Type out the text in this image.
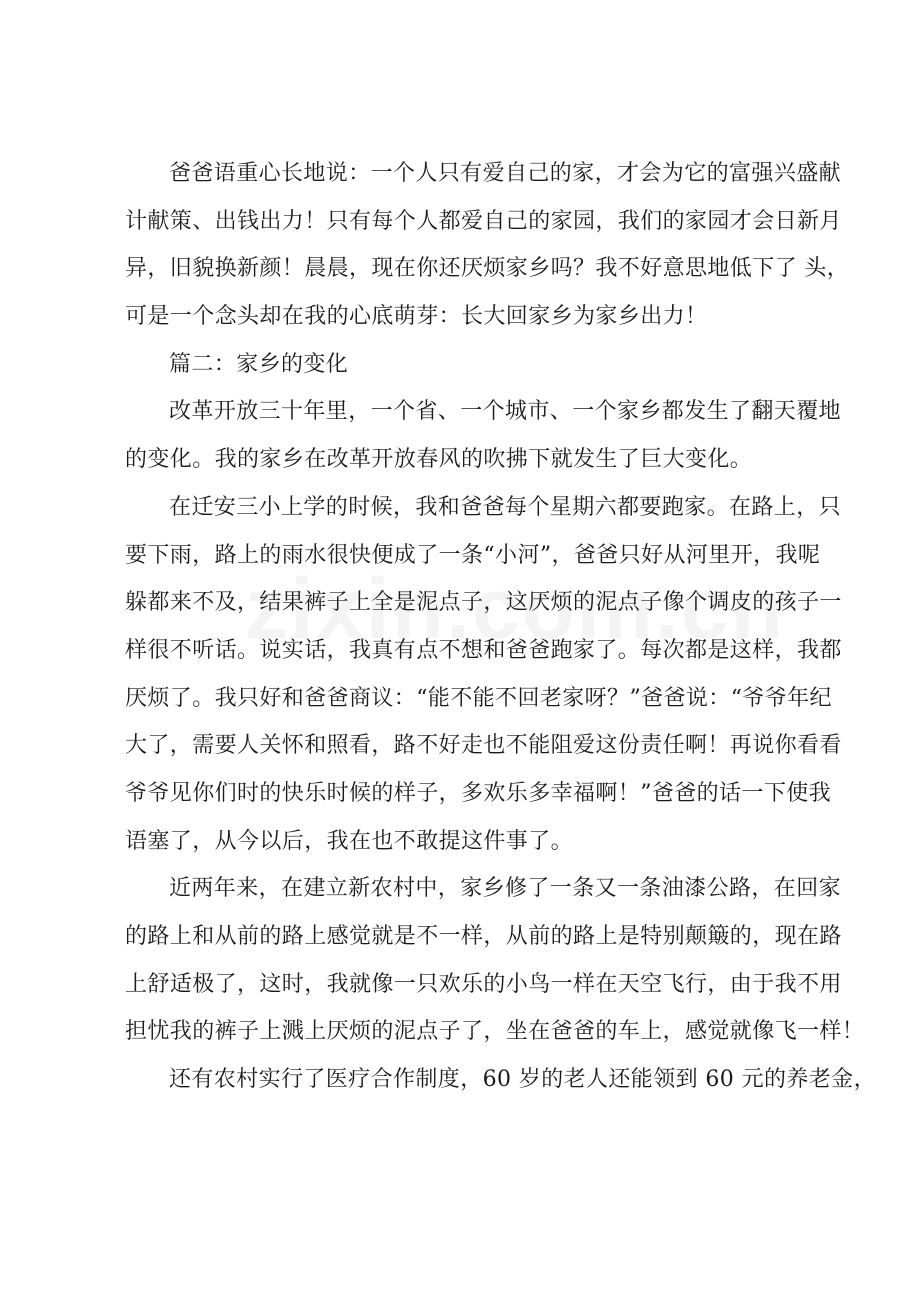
爸爸语重心长地说：一个人只有爱自己的家，才会为它的富强兴盛献
计献策、出钱出力！只有每个人都爱自己的家园，我们的家园才会日新月
异，旧貌换新颜！晨晨，现在你还厌烦家乡吗？我不好意思地低下了 头，
可是一个念头却在我的心底萌芽：长大回家乡为家乡出力！
篇二：家乡的变化
改革开放三十年里，一个省、一个城市、一个家乡都发生了翻天覆地
的变化。我的家乡在改革开放春风的吹拂下就发生了巨大变化。
在迁安三小上学的时候，我和爸爸每个星期六都要跑家。在路上，只
要下雨，路上的雨水很快便成了一条“小河”，爸爸只好从河里开，我呢
躲都来不及，结果裤子上全是泥点子，这厌烦的泥点子像个调皮的孩子一
样很不听话。说实话，我真有点不想和爸爸跑家了。每次都是这样，我都
厌烦了。我只好和爸爸商议：“能不能不回老家呀？”爸爸说：“爷爷年纪
大了，需要人关怀和照看，路不好走也不能阻爱这份责任啊！再说你看看
爷爷见你们时的快乐时候的样子，多欢乐多幸福啊！”爸爸的话一下使我
语塞了，从今以后，我在也不敢提这件事了。
近两年来，在建立新农村中，家乡修了一条又一条油漆公路，在回家
的路上和从前的路上感觉就是不一样，从前的路上是特别颠簸的，现在路
上舒适极了，这时，我就像一只欢乐的小鸟一样在天空飞行，由于我不用
担忧我的裤子上溅上厌烦的泥点子了，坐在爸爸的车上，感觉就像飞一样！
还有农村实行了医疗合作制度，60 岁的老人还能领到 60 元的养老金，
